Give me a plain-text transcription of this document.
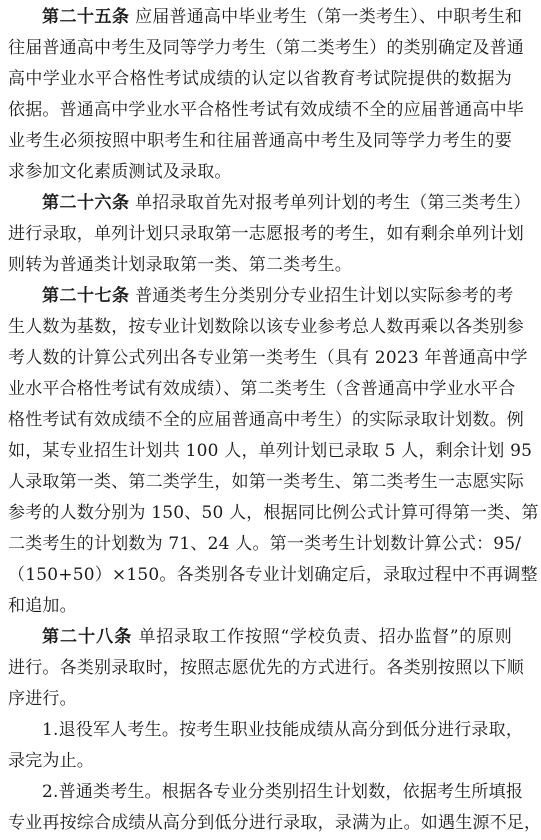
第二十五条 应届普通高中毕业考生（第一类考生）、中职考生和
往届普通高中考生及同等学力考生（第二类考生）的类别确定及普通
高中学业水平合格性考试成绩的认定以省教育考试院提供的数据为
依据。普通高中学业水平合格性考试有效成绩不全的应届普通高中毕
业考生必须按照中职考生和往届普通高中考生及同等学力考生的要
求参加文化素质测试及录取。
第二十六条 单招录取首先对报考单列计划的考生（第三类考生）
进行录取，单列计划只录取第一志愿报考的考生，如有剩余单列计划
则转为普通类计划录取第一类、第二类考生。
第二十七条 普通类考生分类别分专业招生计划以实际参考的考
生人数为基数，按专业计划数除以该专业参考总人数再乘以各类别参
考人数的计算公式列出各专业第一类考生（具有 2023 年普通高中学
业水平合格性考试有效成绩）、第二类考生（含普通高中学业水平合
格性考试有效成绩不全的应届普通高中考生）的实际录取计划数。例
如，某专业招生计划共 100 人，单列计划已录取 5 人，剩余计划 95
人录取第一类、第二类学生，如第一类考生、第二类考生一志愿实际
参考的人数分别为 150、50 人，根据同比例公式计算可得第一类、第
二类考生的计划数为 71、24 人。第一类考生计划数计算公式：95/
（150+50）×150。各类别各专业计划确定后，录取过程中不再调整
和追加。
第二十八条 单招录取工作按照“学校负责、招办监督”的原则
进行。各类别录取时，按照志愿优先的方式进行。各类别按照以下顺
序进行。
1.退役军人考生。按考生职业技能成绩从高分到低分进行录取，
录完为止。
2.普通类考生。根据各专业分类别招生计划数，依据考生所填报
专业再按综合成绩从高分到低分进行录取，录满为止。如遇生源不足，
